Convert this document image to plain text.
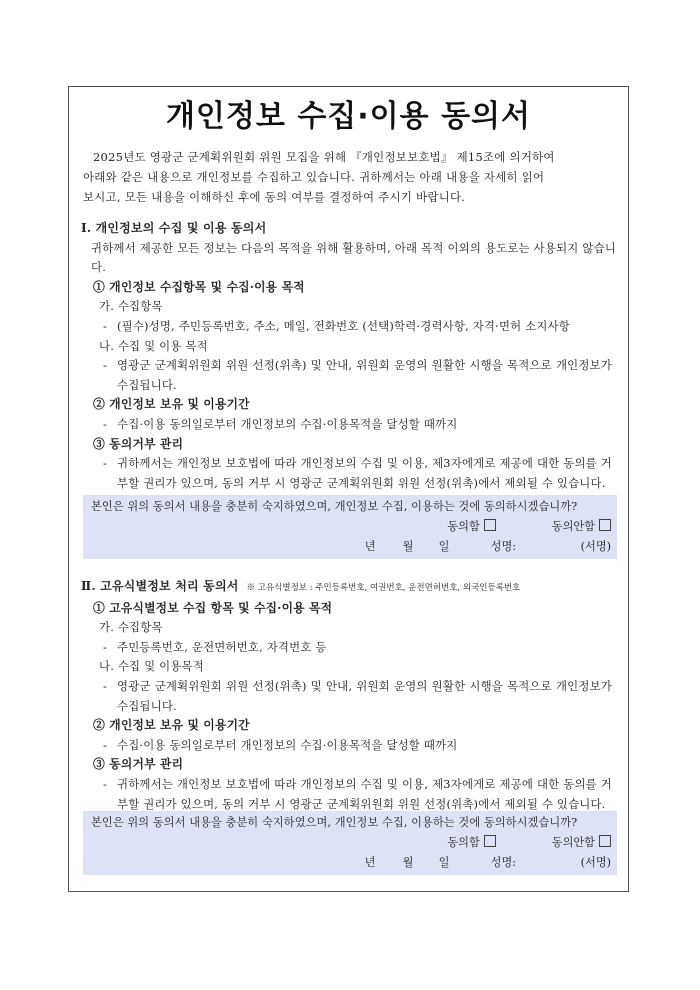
개인정보 수집·이용 동의서
2025년도 영광군 군계획위원회 위원 모집을 위해 『개인정보보호법』 제15조에 의거하여
아래와 같은 내용으로 개인정보를 수집하고 있습니다. 귀하께서는 아래 내용을 자세히 읽어
보시고, 모든 내용을 이해하신 후에 동의 여부를 결정하여 주시기 바랍니다.
Ⅰ. 개인정보의 수집 및 이용 동의서
귀하께서 제공한 모든 정보는 다음의 목적을 위해 활용하며, 아래 목적 이외의 용도로는 사용되지 않습니다.
① 개인정보 수집항목 및 수집·이용 목적
가. 수집항목
- (필수)성명, 주민등록번호, 주소, 메일, 전화번호 (선택)학력·경력사항, 자격·면허 소지사항
나. 수집 및 이용 목적
- 영광군 군계획위원회 위원 선정(위촉) 및 안내, 위원회 운영의 원활한 시행을 목적으로 개인정보가 수집됩니다.
② 개인정보 보유 및 이용기간
- 수집·이용 동의일로부터 개인정보의 수집·이용목적을 달성할 때까지
③ 동의거부 관리
- 귀하께서는 개인정보 보호법에 따라 개인정보의 수집 및 이용, 제3자에게로 제공에 대한 동의를 거부할 권리가 있으며, 동의 거부 시 영광군 군계획위원회 위원 선정(위촉)에서 제외될 수 있습니다.
본인은 위의 동의서 내용을 충분히 숙지하였으며, 개인정보 수집, 이용하는 것에 동의하시겠습니까?
동의함	동의안함
년	월	일	성명:	(서명)
Ⅱ. 고유식별정보 처리 동의서 ※ 고유식별정보 : 주민등록번호, 여권번호, 운전면허번호, 외국인등록번호
① 고유식별정보 수집 항목 및 수집·이용 목적
가. 수집항목
- 주민등록번호, 운전면허번호, 자격번호 등
나. 수집 및 이용목적
- 영광군 군계획위원회 위원 선정(위촉) 및 안내, 위원회 운영의 원활한 시행을 목적으로 개인정보가 수집됩니다.
② 개인정보 보유 및 이용기간
- 수집·이용 동의일로부터 개인정보의 수집·이용목적을 달성할 때까지
③ 동의거부 관리
- 귀하께서는 개인정보 보호법에 따라 개인정보의 수집 및 이용, 제3자에게로 제공에 대한 동의를 거부할 권리가 있으며, 동의 거부 시 영광군 군계획위원회 위원 선정(위촉)에서 제외될 수 있습니다.
본인은 위의 동의서 내용을 충분히 숙지하였으며, 개인정보 수집, 이용하는 것에 동의하시겠습니까?
동의함	동의안함
년	월	일	성명:	(서명)
